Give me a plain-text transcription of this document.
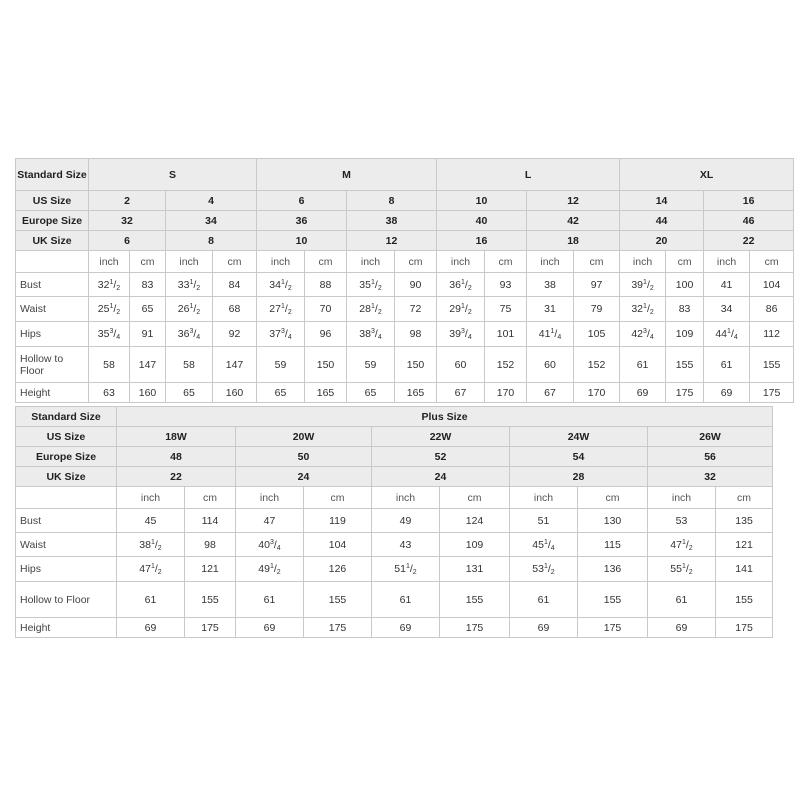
Standard Size	S				M				L				XL			
US Size	2		4		6		8		10		12		14		16	
Europe Size	32		34		36		38		40		42		44		46	
UK Size	6		8		10		12		16		18		20		22	
	inch	cm	inch	cm	inch	cm	inch	cm	inch	cm	inch	cm	inch	cm	inch	cm
Bust	$32^1/_2$	83	$33^1/_2$	84	$34^1/_2$	88	$35^1/_2$	90	$36^1/_2$	93	38	97	$39^1/_2$	100	41	104
Waist	$25^1/_2$	65	$26^1/_2$	68	$27^1/_2$	70	$28^1/_2$	72	$29^1/_2$	75	31	79	$32^1/_2$	83	34	86
Hips	$35^3/_4$	91	$36^3/_4$	92	$37^3/_4$	96	$38^3/_4$	98	$39^3/_4$	101	$41^1/_4$	105	$42^3/_4$	109	$44^1/_4$	112
Hollow to Floor	58	147	58	147	59	150	59	150	60	152	60	152	61	155	61	155
Height	63	160	65	160	65	165	65	165	67	170	67	170	69	175	69	175
Standard Size	Plus Size									
US Size	18W		20W		22W		24W		26W	
Europe Size	48		50		52		54		56	
UK Size	22		24		24		28		32	
	inch	cm	inch	cm	inch	cm	inch	cm	inch	cm
Bust	45	114	47	119	49	124	51	130	53	135
Waist	$38^1/_2$	98	$40^3/_4$	104	43	109	$45^1/_4$	115	$47^1/_2$	121
Hips	$47^1/_2$	121	$49^1/_2$	126	$51^1/_2$	131	$53^1/_2$	136	$55^1/_2$	141
Hollow to Floor	61	155	61	155	61	155	61	155	61	155
Height	69	175	69	175	69	175	69	175	69	175
